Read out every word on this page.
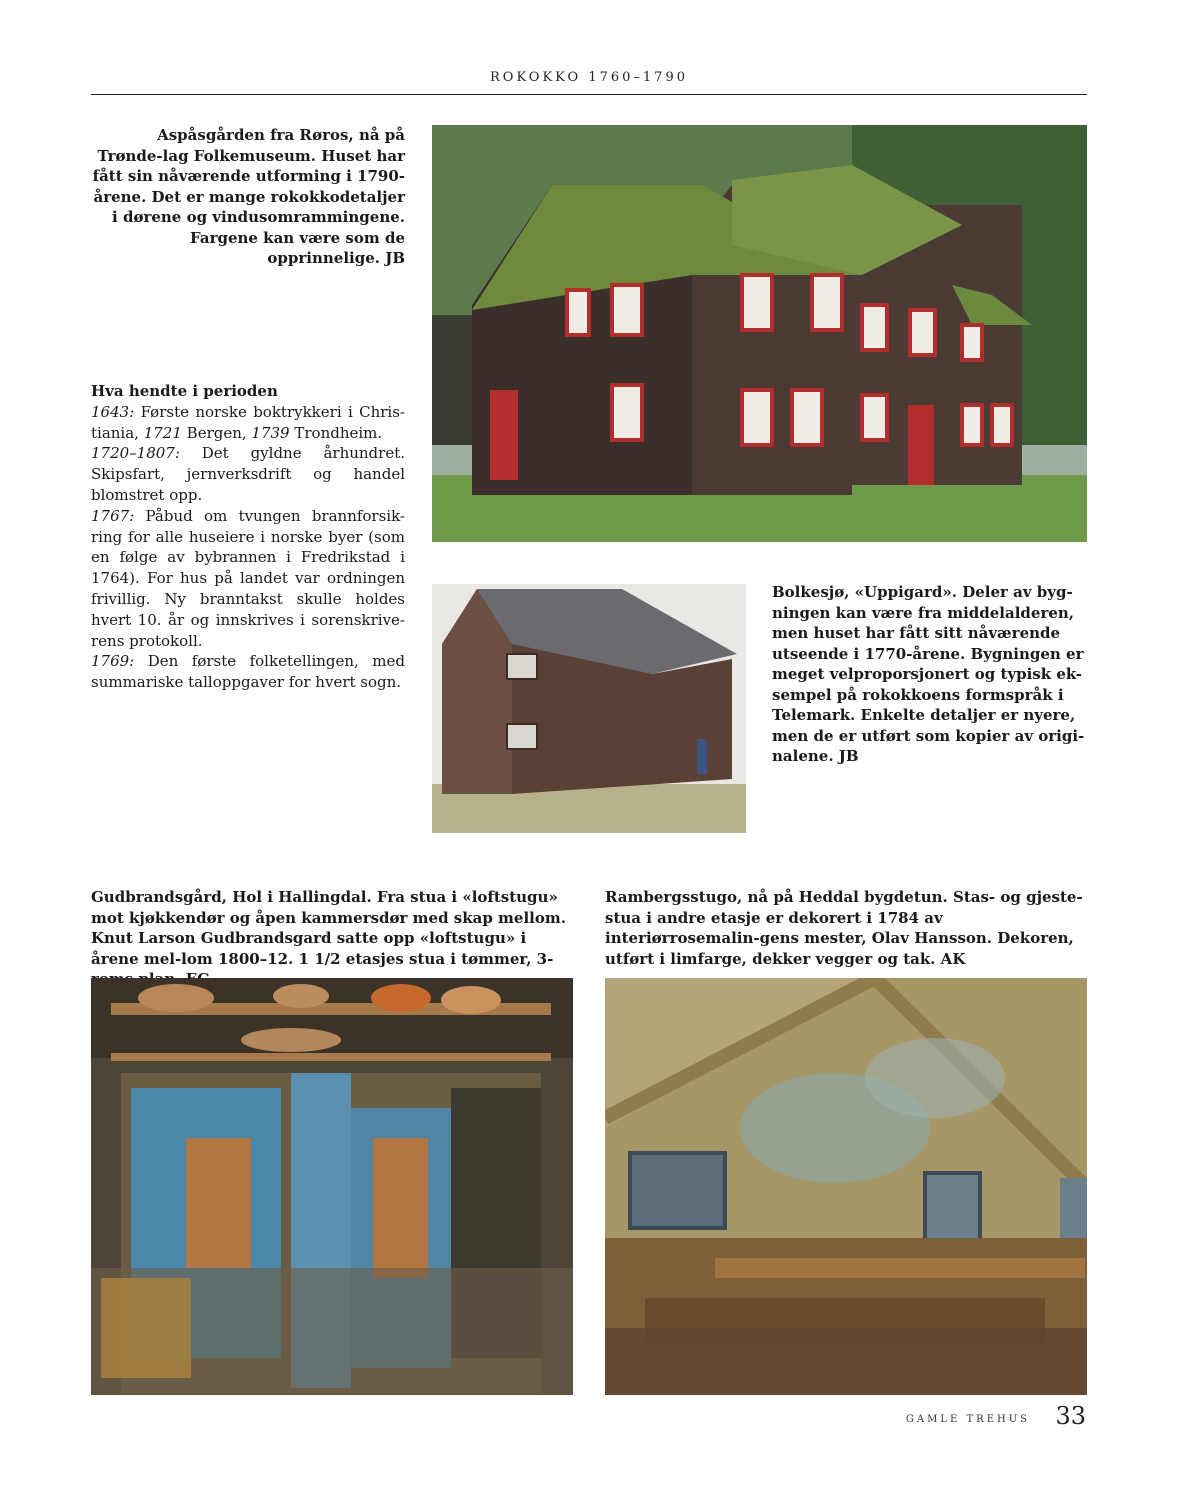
ROKOKKO 1760–1790
Aspåsgården fra Røros, nå på Trønde-lag Folkemuseum. Huset har fått sin nåværende utforming i 1790-årene. Det er mange rokokkodetaljer i dørene og vindusomrammingene. Fargene kan være som de opprinnelige. JB
Hva hendte i perioden
1643: Første norske boktrykkeri i Chris-tiania, 1721 Bergen, 1739 Trondheim.
1720–1807: Det gyldne århundret. Skipsfart, jernverksdrift og handel blomstret opp.
1767: Påbud om tvungen brannforsik-ring for alle huseiere i norske byer (som en følge av bybrannen i Fredrikstad i 1764). For hus på landet var ordningen frivillig. Ny branntakst skulle holdes hvert 10. år og innskrives i sorenskrive-rens protokoll.
1769: Den første folketellingen, med summariske talloppgaver for hvert sogn.
Bolkesjø, «Uppigard». Deler av byg-ningen kan være fra middelalderen, men huset har fått sitt nåværende utseende i 1770-årene. Bygningen er meget velproporsjonert og typisk ek-sempel på rokokkoens formspråk i Telemark. Enkelte detaljer er nyere, men de er utført som kopier av origi-nalene. JB
Gudbrandsgård, Hol i Hallingdal. Fra stua i «loftstugu» mot kjøkkendør og åpen kammersdør med skap mellom. Knut Larson Gudbrandsgard satte opp «loftstugu» i årene mel-lom 1800–12. 1 1/2 etasjes stua i tømmer, 3-
Rambergsstugo, nå på Heddal bygdetun. Stas- og gjeste-stua i andre etasje er dekorert i 1784 av interiørrosemalin-gens mester, Olav Hansson. Dekoren, utført i limfarge, dekker vegger og tak. AK
GAMLE TREHUS 33
